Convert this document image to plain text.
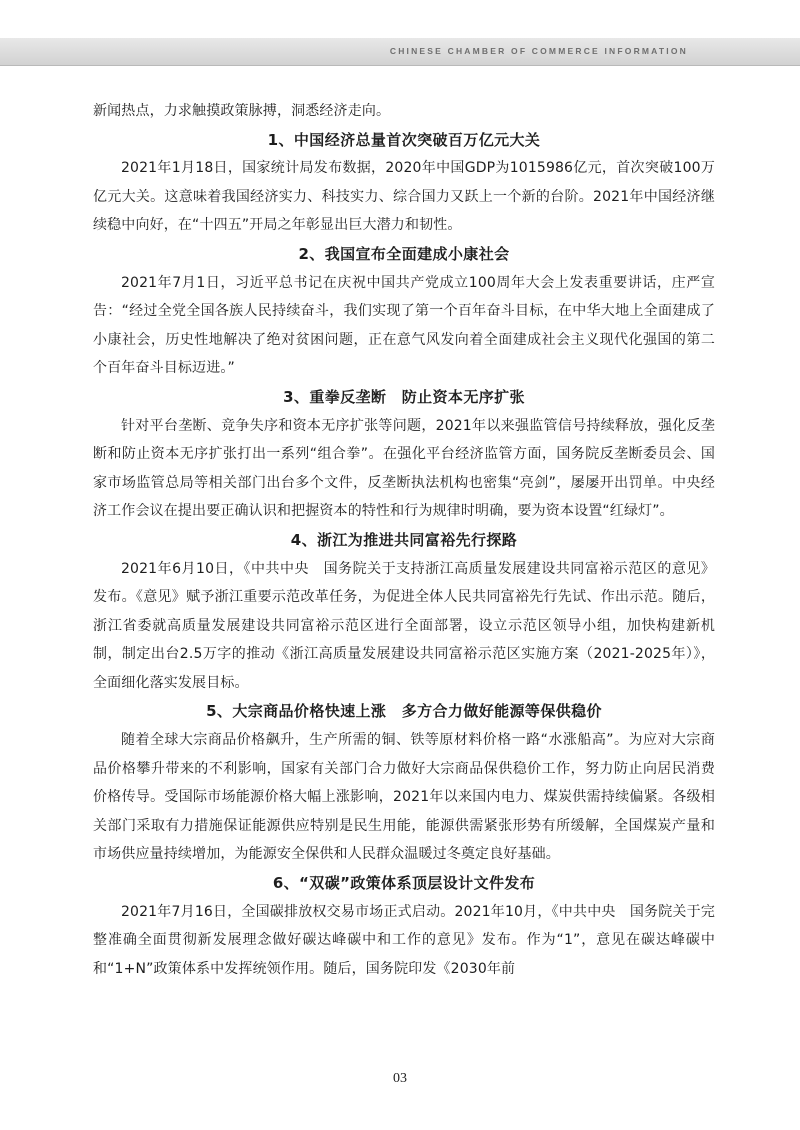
CHINESE CHAMBER OF COMMERCE INFORMATION

新闻热点，力求触摸政策脉搏，洞悉经济走向。

1、中国经济总量首次突破百万亿元大关

2021年1月18日，国家统计局发布数据，2020年中国GDP为1015986亿元，首次突破100万亿元大关。这意味着我国经济实力、科技实力、综合国力又跃上一个新的台阶。2021年中国经济继续稳中向好，在“十四五”开局之年彰显出巨大潜力和韧性。

2、我国宣布全面建成小康社会

2021年7月1日，习近平总书记在庆祝中国共产党成立100周年大会上发表重要讲话，庄严宣告：“经过全党全国各族人民持续奋斗，我们实现了第一个百年奋斗目标，在中华大地上全面建成了小康社会，历史性地解决了绝对贫困问题，正在意气风发向着全面建成社会主义现代化强国的第二个百年奋斗目标迈进。”

3、重拳反垄断　防止资本无序扩张

针对平台垄断、竞争失序和资本无序扩张等问题，2021年以来强监管信号持续释放，强化反垄断和防止资本无序扩张打出一系列“组合拳”。在强化平台经济监管方面，国务院反垄断委员会、国家市场监管总局等相关部门出台多个文件，反垄断执法机构也密集“亮剑”，屡屡开出罚单。中央经济工作会议在提出要正确认识和把握资本的特性和行为规律时明确，要为资本设置“红绿灯”。

4、浙江为推进共同富裕先行探路

2021年6月10日，《中共中央　国务院关于支持浙江高质量发展建设共同富裕示范区的意见》发布。《意见》赋予浙江重要示范改革任务，为促进全体人民共同富裕先行先试、作出示范。随后，浙江省委就高质量发展建设共同富裕示范区进行全面部署，设立示范区领导小组，加快构建新机制，制定出台2.5万字的推动《浙江高质量发展建设共同富裕示范区实施方案（2021-2025年）》，全面细化落实发展目标。

5、大宗商品价格快速上涨　多方合力做好能源等保供稳价

随着全球大宗商品价格飙升，生产所需的铜、铁等原材料价格一路“水涨船高”。为应对大宗商品价格攀升带来的不利影响，国家有关部门合力做好大宗商品保供稳价工作，努力防止向居民消费价格传导。受国际市场能源价格大幅上涨影响，2021年以来国内电力、煤炭供需持续偏紧。各级相关部门采取有力措施保证能源供应特别是民生用能，能源供需紧张形势有所缓解，全国煤炭产量和市场供应量持续增加，为能源安全保供和人民群众温暖过冬奠定良好基础。

6、“双碳”政策体系顶层设计文件发布

2021年7月16日，全国碳排放权交易市场正式启动。2021年10月，《中共中央　国务院关于完整准确全面贯彻新发展理念做好碳达峰碳中和工作的意见》发布。作为“1”，意见在碳达峰碳中和“1+N”政策体系中发挥统领作用。随后，国务院印发《2030年前

03
